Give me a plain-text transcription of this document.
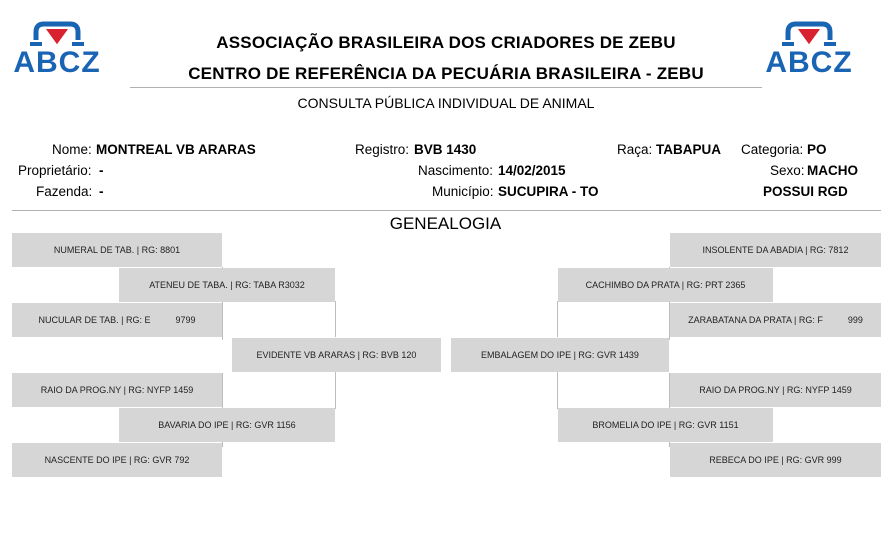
ABCZ	ABCZ
ASSOCIAÇÃO BRASILEIRA DOS CRIADORES DE ZEBU
CENTRO DE REFERÊNCIA DA PECUÁRIA BRASILEIRA - ZEBU
CONSULTA PÚBLICA INDIVIDUAL DE ANIMAL
Nome: MONTREAL VB ARARAS	Registro: BVB 1430	Raça: TABAPUA Categoria: PO
Proprietário: -	Nascimento: 14/02/2015	Sexo: MACHO
Fazenda: -	Município: SUCUPIRA - TO	POSSUI RGD
GENEALOGIA
NUMERAL DE TAB. | RG: 8801
ATENEU DE TABA. | RG: TABA R3032
NUCULAR DE TAB. | RG: E          9799
EVIDENTE VB ARARAS | RG: BVB 120
RAIO DA PROG.NY | RG: NYFP 1459
BAVARIA DO IPE | RG: GVR 1156
NASCENTE DO IPE | RG: GVR 792
INSOLENTE DA ABADIA | RG: 7812
CACHIMBO DA PRATA | RG: PRT 2365
ZARABATANA DA PRATA | RG: F          999
EMBALAGEM DO IPE | RG: GVR 1439
RAIO DA PROG.NY | RG: NYFP 1459
BROMELIA DO IPE | RG: GVR 1151
REBECA DO IPE | RG: GVR 999
